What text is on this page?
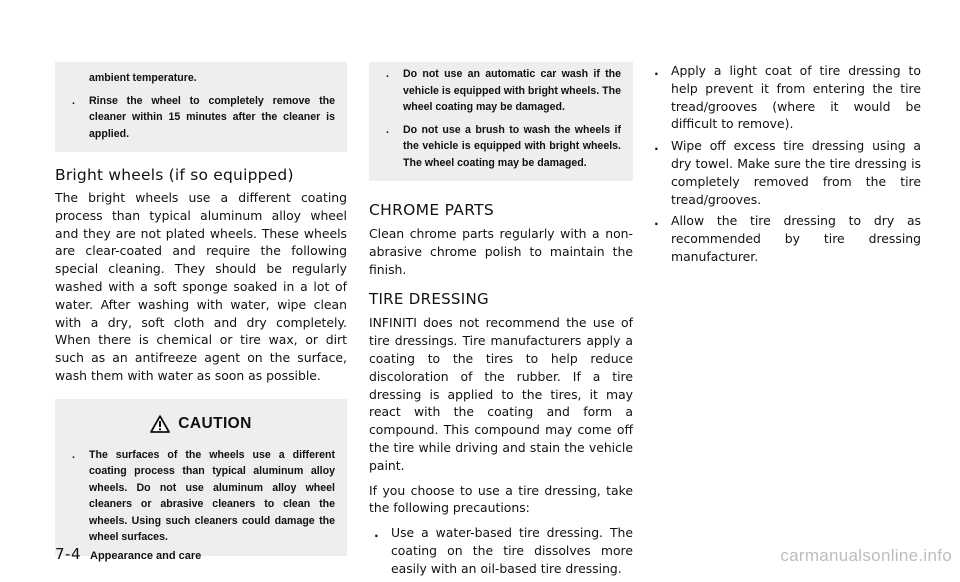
ambient temperature.
. Rinse the wheel to completely remove the cleaner within 15 minutes after the cleaner is applied.
Bright wheels (if so equipped)

The bright wheels use a different coating process than typical aluminum alloy wheel and they are not plated wheels. These wheels are clear-coated and require the following special cleaning. They should be regularly washed with a soft sponge soaked in a lot of water. After washing with water, wipe clean with a dry, soft cloth and dry completely. When there is chemical or tire wax, or dirt such as an antifreeze agent on the surface, wash them with water as soon as possible.

CAUTION
. The surfaces of the wheels use a different coating process than typical aluminum alloy wheels. Do not use aluminum alloy wheel cleaners or abrasive cleaners to clean the wheels. Using such cleaners could damage the wheel surfaces.
. Do not use an automatic car wash if the vehicle is equipped with bright wheels. The wheel coating may be damaged.
. Do not use a brush to wash the wheels if the vehicle is equipped with bright wheels. The wheel coating may be damaged.
CHROME PARTS

Clean chrome parts regularly with a non-abrasive chrome polish to maintain the finish.

TIRE DRESSING

INFINITI does not recommend the use of tire dressings. Tire manufacturers apply a coating to the tires to help reduce discoloration of the rubber. If a tire dressing is applied to the tires, it may react with the coating and form a compound. This compound may come off the tire while driving and stain the vehicle paint.

If you choose to use a tire dressing, take the following precautions:

. Use a water-based tire dressing. The coating on the tire dissolves more easily with an oil-based tire dressing.
. Apply a light coat of tire dressing to help prevent it from entering the tire tread/grooves (where it would be difficult to remove).
. Wipe off excess tire dressing using a dry towel. Make sure the tire dressing is completely removed from the tire tread/grooves.
. Allow the tire dressing to dry as recommended by tire dressing manufacturer.
7-4 Appearance and care	carmanualsonline.info
